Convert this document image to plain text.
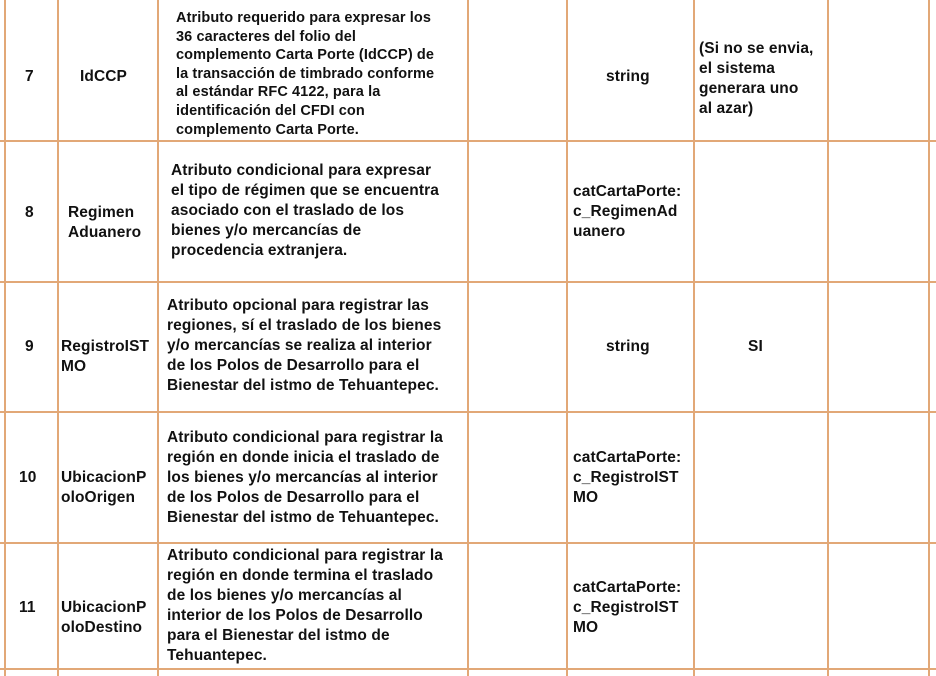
7	IdCCP
Atributo requerido para expresar los
36 caracteres del folio del
complemento Carta Porte (IdCCP) de
la transacción de timbrado conforme
al estándar RFC 4122, para la
identificación del CFDI con
complemento Carta Porte.
string
(Si no se envia,
el sistema
generara uno
al azar)
8 Regimen
Aduanero
Atributo condicional para expresar
el tipo de régimen que se encuentra
asociado con el traslado de los
bienes y/o mercancías de
procedencia extranjera.
catCartaPorte:
c_RegimenAd
uanero
9 RegistroIST
MO
Atributo opcional para registrar las
regiones, sí el traslado de los bienes
y/o mercancías se realiza al interior
de los Polos de Desarrollo para el
Bienestar del istmo de Tehuantepec.
string	SI
10 UbicacionP
oloOrigen
Atributo condicional para registrar la
región en donde inicia el traslado de
los bienes y/o mercancías al interior
de los Polos de Desarrollo para el
Bienestar del istmo de Tehuantepec.
catCartaPorte:
c_RegistroIST
MO
11 UbicacionP
oloDestino
Atributo condicional para registrar la
región en donde termina el traslado
de los bienes y/o mercancías al
interior de los Polos de Desarrollo
para el Bienestar del istmo de
Tehuantepec.
catCartaPorte:
c_RegistroIST
MO
